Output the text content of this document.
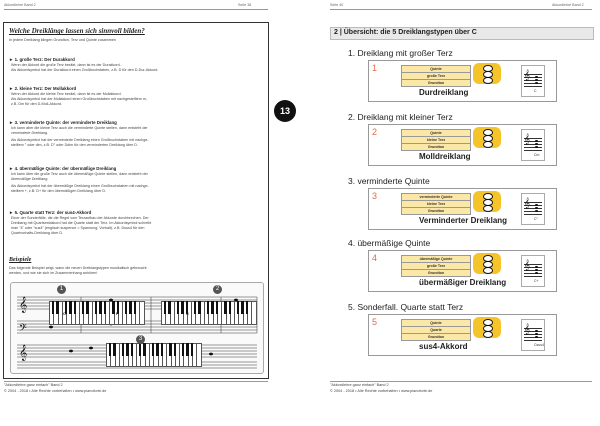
Akkordlehre Band 2	Seite 38
Welche Dreiklänge lassen sich sinnvoll bilden?
In jedem Dreiklang klingen Grundton, Terz und Quinte zusammen
► 1. große Terz: Der Durakkord
Wenn der Akkord die große Terz besitzt, dann ist es der Durakkord.
Als Akkordsymbol hat der Durakkord einen Großbuchstaben, z.B. D für den D-Dur-Akkord.
► 2. kleine Terz: Der Mollakkord
Wenn der Akkord die kleine Terz besitzt, dann ist es der Mollakkord.
Als Akkordsymbol hat der Mollakkord einen Großbuchstaben mit nachgestelltem m,
z.B. Dm für den D-Moll-Akkord.
► 3. verminderte Quinte: der verminderte Dreiklang
Ich kann aber die kleine Terz auch die verminderte Quinte stellen, dann entsteht der
verminderte Dreiklang.
Als Akkordsymbol hat der verminderte Dreiklang einen Großbuchstaben mit nachge-
stelltem ° oder dim, z.B. D° oder Ddim für den verminderten Dreiklang über D.
► 4. übermäßige Quinte: der übermäßige Dreiklang
Ich kann über die große Terz auch die übermäßige Quinte stellen, dann entsteht der
übermäßige Dreiklang.
Als Akkordsymbol hat der übermäßige Dreiklang einen Großbuchstaben mit nachge-
stelltem +, z.B. D+ für den übermäßigen Dreiklang über D.
► 5. Quarte statt Terz: der sus4-Akkord
Einer der Sonderfälle, die die Regel vom Terzaufbau der Akkorde durchbrechen. Der
Dreiklang mit Quartsextakkord hat die Quarte statt der Terz. Im Akkordsymbol schreibt
man "4" oder "sus4" (englisch suspence = Spannung, Vorhalt), z.B. Dsus4 für den
Quartvorhalts-Dreiklang über D.
Beispiele
Das folgende Beispiel zeigt, wann die neuen Dreiklangstypen musikalisch gebraucht
werden, und wie sie sich im Zusammenhang anhören!
𝄞
𝄢
𝄞
1	2
3
C	F	C
"Akkordlehre ganz einfach" Band 2
© 2004 - 2018 • Alle Rechte vorbehalten • www.pianoforte.de
13
Seite 40	Akkordlehre Band 2
2 | Übersicht: die 5 Dreiklangstypen über C
"Akkordlehre ganz einfach" Band 2
© 2004 - 2018 • Alle Rechte vorbehalten • www.pianoforte.de
1. Dreiklang mit großer Terz
1	Quinte
große Terz
Grundton
Durdreiklang
𝄞
C
2. Dreiklang mit kleiner Terz
2	Quinte
kleine Terz
Grundton
Molldreiklang
𝄞
Cm
3. verminderte Quinte
3	verminderte Quinte
kleine Terz
Grundton
Verminderter Dreiklang
𝄞
C°
4. übermäßige Quinte
4	übermäßige Quinte
große Terz
Grundton
übermäßiger Dreiklang
𝄞
C+
5. Sonderfall. Quarte statt Terz
5	Quinte
Quarte
Grundton
sus4-Akkord
𝄞
Csus4
